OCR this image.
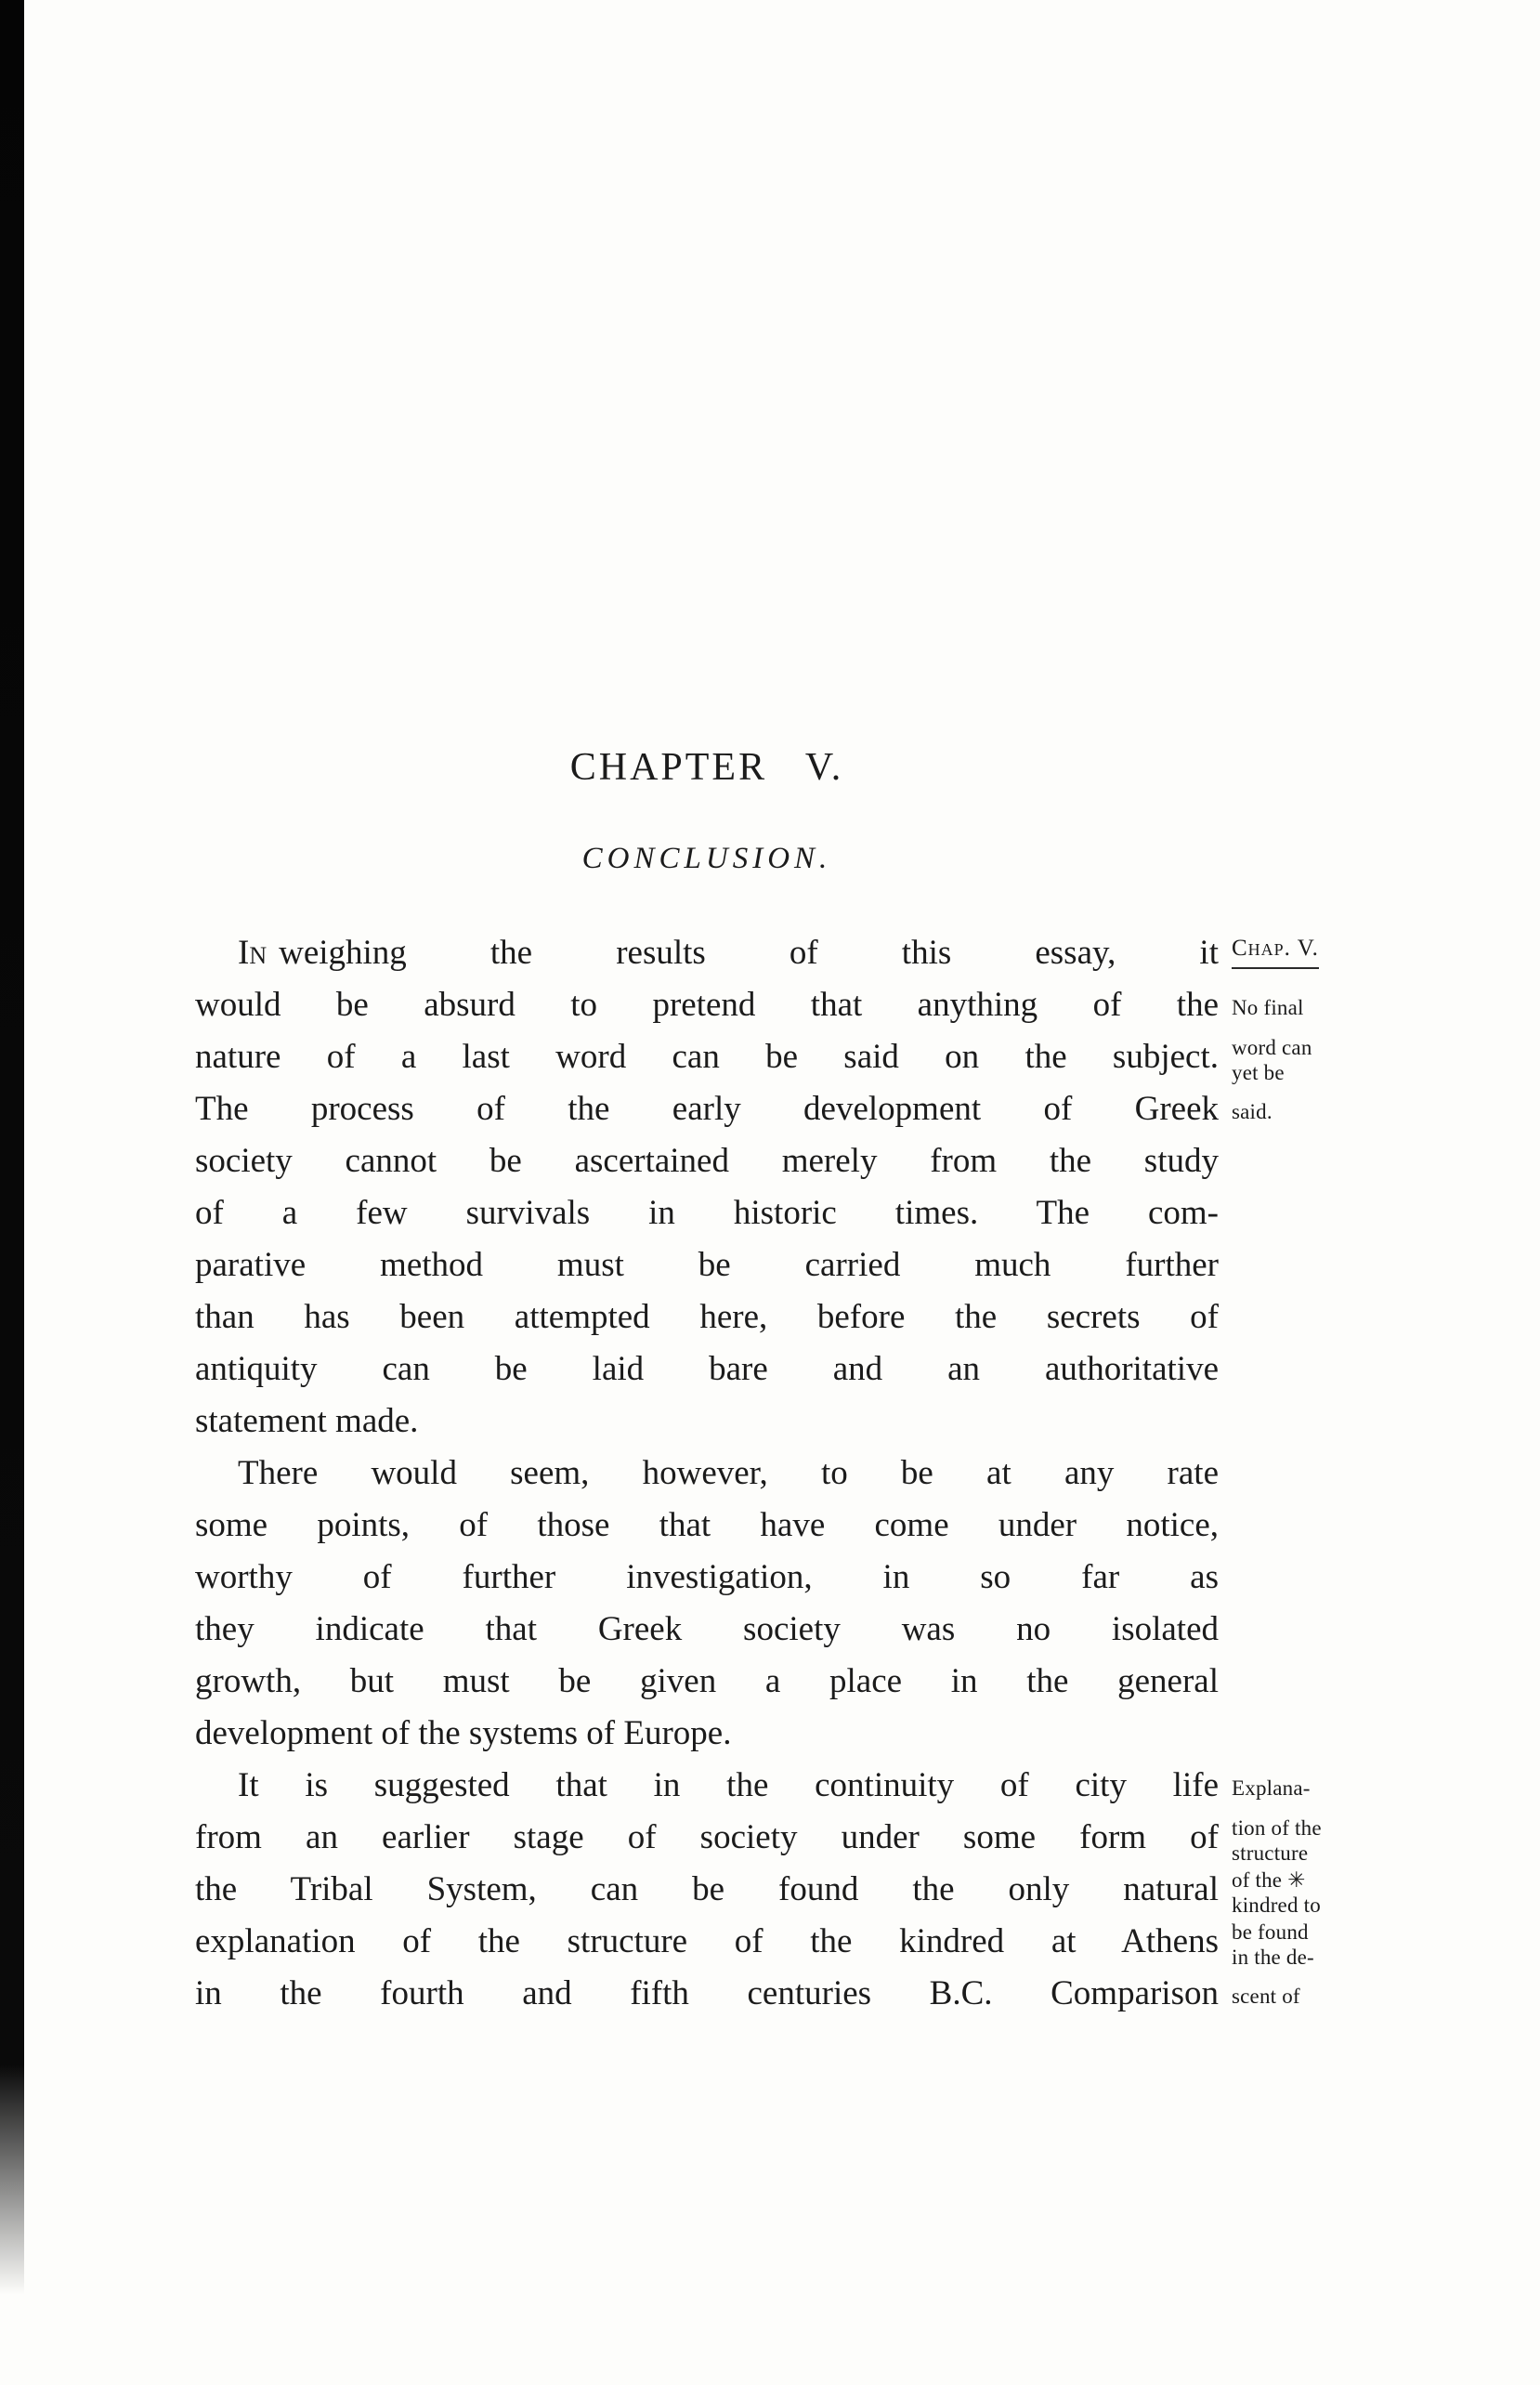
CHAPTER V.
CONCLUSION.
In weighing the results of this essay, it Chap. V.
would be absurd to pretend that anything of the No final
nature of a last word can be said on the subject. word can
yet be
The process of the early development of Greek said.
society cannot be ascertained merely from the study
of a few survivals in historic times. The com-
parative method must be carried much further
than has been attempted here, before the secrets of
antiquity can be laid bare and an authoritative
statement made.
There would seem, however, to be at any rate
some points, of those that have come under notice,
worthy of further investigation, in so far as
they indicate that Greek society was no isolated
growth, but must be given a place in the general
development of the systems of Europe.
It is suggested that in the continuity of city life Explana-
from an earlier stage of society under some form of tion of the
structure
the Tribal System, can be found the only natural of the ✳
kindred to
explanation of the structure of the kindred at Athens be found
in the de-
in the fourth and fifth centuries B.C. Comparison scent of
